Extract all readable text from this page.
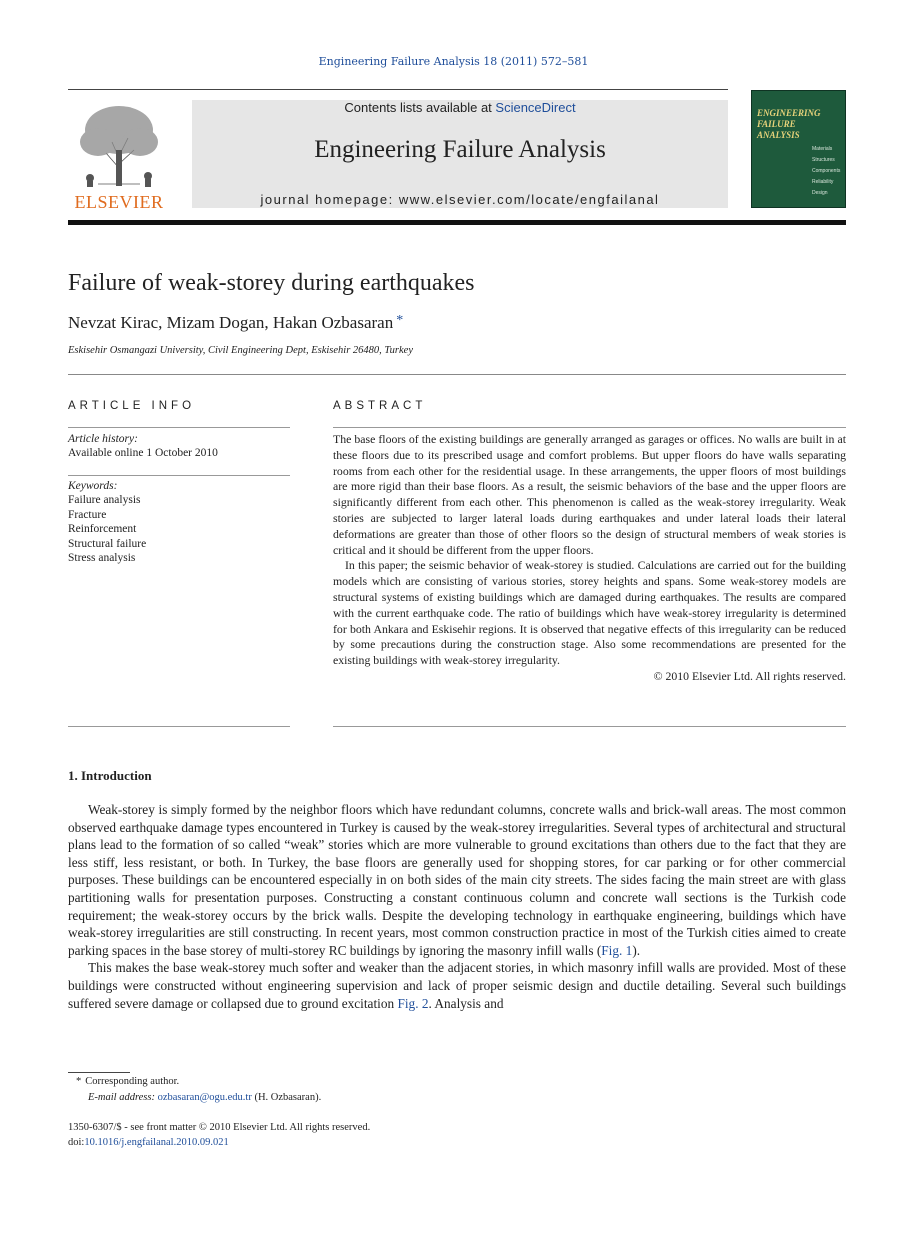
Engineering Failure Analysis 18 (2011) 572–581
ELSEVIER
Contents lists available at ScienceDirect
Engineering Failure Analysis
journal homepage: www.elsevier.com/locate/engfailanal
ENGINEERING
FAILURE
ANALYSIS
Materials
Structures
Components
Reliability
Design
Failure of weak-storey during earthquakes
Nevzat Kirac, Mizam Dogan, Hakan Ozbasaran *
Eskisehir Osmangazi University, Civil Engineering Dept, Eskisehir 26480, Turkey
ARTICLE INFO	ABSTRACT
Article history:
Available online 1 October 2010
Keywords:
Failure analysis
Fracture
Reinforcement
Structural failure
Stress analysis

The base floors of the existing buildings are generally arranged as garages or offices. No walls are built in at these floors due to its prescribed usage and comfort problems. But upper floors do have walls separating rooms from each other for the residential usage. In these arrangements, the upper floors of most buildings are more rigid than their base floors. As a result, the seismic behaviors of the base and the upper floors are significantly different from each other. This phenomenon is called as the weak-storey irregularity. Weak stories are subjected to larger lateral loads during earthquakes and under lateral loads their lateral deformations are greater than those of other floors so the design of structural members of weak stories is critical and it should be different from the upper floors.

In this paper; the seismic behavior of weak-storey is studied. Calculations are carried out for the building models which are consisting of various stories, storey heights and spans. Some weak-storey models are structural systems of existing buildings which are damaged during earthquakes. The results are compared with the current earthquake code. The ratio of buildings which have weak-storey irregularity is determined for both Ankara and Eskisehir regions. It is observed that negative effects of this irregularity can be reduced by some precautions during the construction stage. Also some recommendations are presented for the existing buildings with weak-storey irregularity.

© 2010 Elsevier Ltd. All rights reserved.
1. Introduction

Weak-storey is simply formed by the neighbor floors which have redundant columns, concrete walls and brick-wall areas. The most common observed earthquake damage types encountered in Turkey is caused by the weak-storey irregularities. Several types of architectural and structural plans lead to the formation of so called “weak” stories which are more vulnerable to ground excitations than others due to the fact that they are less stiff, less resistant, or both. In Turkey, the base floors are generally used for shopping stores, for car parking or for other commercial purposes. These buildings can be encountered especially in on both sides of the main city streets. The sides facing the main street are with glass partitioning walls for presentation purposes. Constructing a constant continuous column and concrete wall sections is the Turkish code requirement; the weak-storey occurs by the brick walls. Despite the developing technology in earthquake engineering, buildings which have weak-storey irregularities are still constructing. In recent years, most common construction practice in most of the Turkish cities aimed to create parking spaces in the base storey of multi-storey RC buildings by ignoring the masonry infill walls (Fig. 1).

This makes the base weak-storey much softer and weaker than the adjacent stories, in which masonry infill walls are provided. Most of these buildings were constructed without engineering supervision and lack of proper seismic design and ductile detailing. Several such buildings suffered severe damage or collapsed due to ground excitation Fig. 2. Analysis and

* Corresponding author.
E-mail address: ozbasaran@ogu.edu.tr (H. Ozbasaran).
1350-6307/$ - see front matter © 2010 Elsevier Ltd. All rights reserved.
doi:10.1016/j.engfailanal.2010.09.021
